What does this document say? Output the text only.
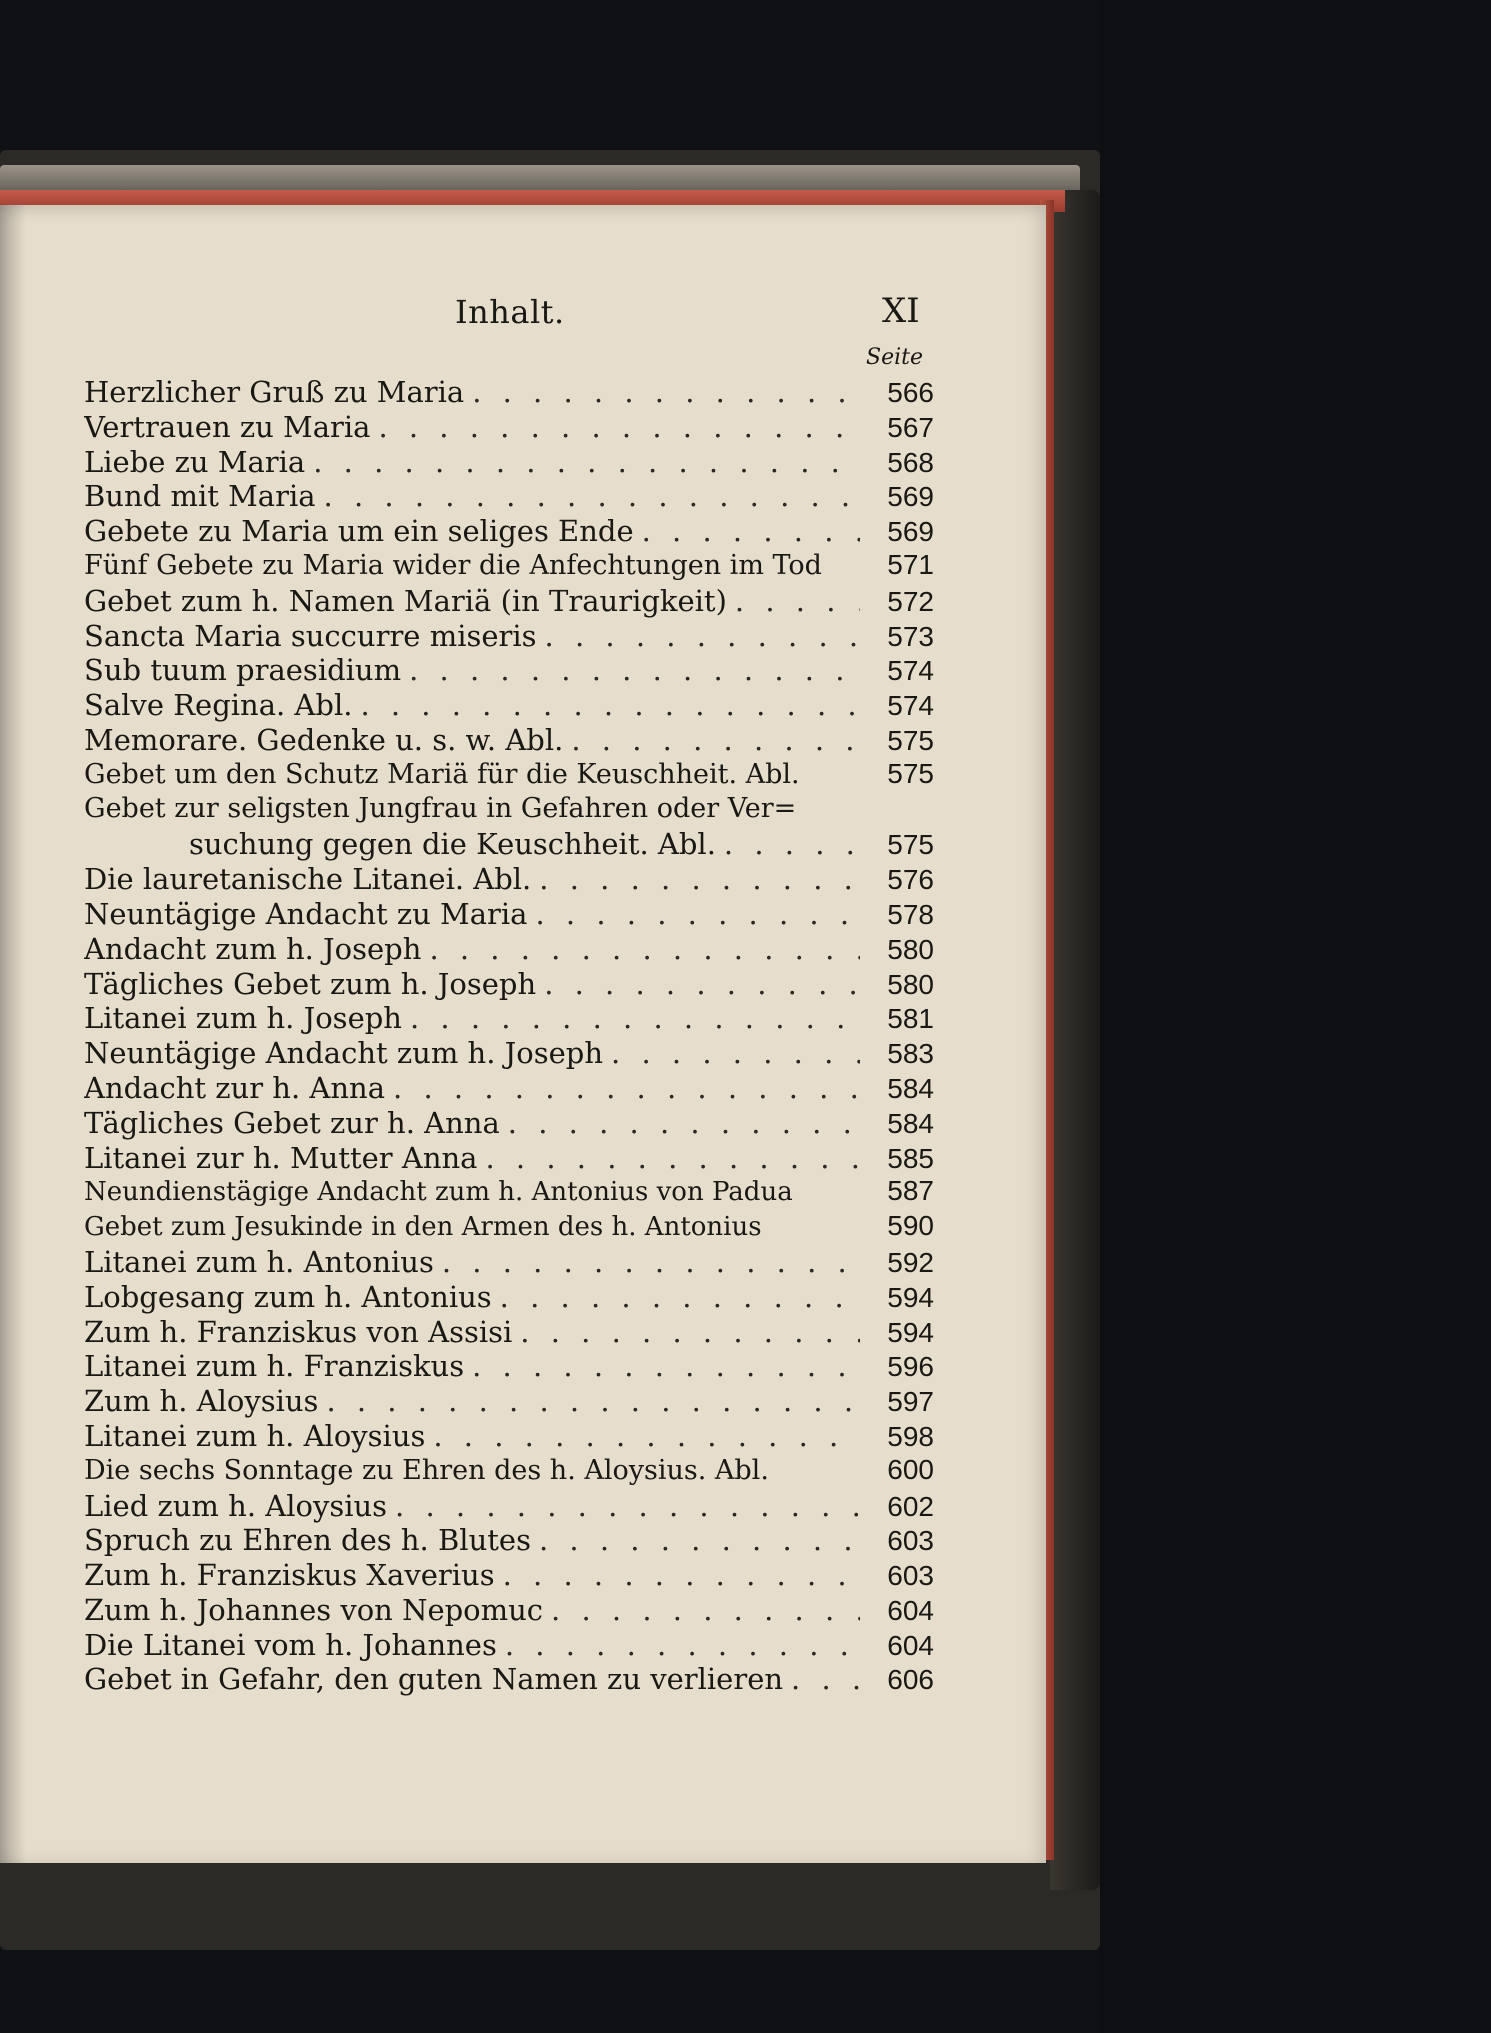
Inhalt.	XI
Seite
Herzlicher Gruß zu Maria . . .	566
Vertrauen zu Maria . . .	567
Liebe zu Maria . . .	568
Bund mit Maria . . .	569
Gebete zu Maria um ein seliges Ende . . .	569
Fünf Gebete zu Maria wider die Anfechtungen im Tod	571
Gebet zum h. Namen Mariä (in Traurigkeit) . . .	572
Sancta Maria succurre miseris . . .	573
Sub tuum praesidium . . .	574
Salve Regina. Abl. . . .	574
Memorare. Gedenke u. s. w. Abl. . . .	575
Gebet um den Schutz Mariä für die Keuschheit. Abl.	575
Gebet zur seligsten Jungfrau in Gefahren oder Ver=
suchung gegen die Keuschheit. Abl. . . .	575
Die lauretanische Litanei. Abl. . . .	576
Neuntägige Andacht zu Maria . . .	578
Andacht zum h. Joseph . . .	580
Tägliches Gebet zum h. Joseph . . .	580
Litanei zum h. Joseph . . .	581
Neuntägige Andacht zum h. Joseph . . .	583
Andacht zur h. Anna . . .	584
Tägliches Gebet zur h. Anna . . .	584
Litanei zur h. Mutter Anna . . .	585
Neundienstägige Andacht zum h. Antonius von Padua	587
Gebet zum Jesukinde in den Armen des h. Antonius	590
Litanei zum h. Antonius . . .	592
Lobgesang zum h. Antonius . . .	594
Zum h. Franziskus von Assisi . . .	594
Litanei zum h. Franziskus . . .	596
Zum h. Aloysius . . .	597
Litanei zum h. Aloysius . . .	598
Die sechs Sonntage zu Ehren des h. Aloysius. Abl.	600
Lied zum h. Aloysius . . .	602
Spruch zu Ehren des h. Blutes . . .	603
Zum h. Franziskus Xaverius . . .	603
Zum h. Johannes von Nepomuc . . .	604
Die Litanei vom h. Johannes . . .	604
Gebet in Gefahr, den guten Namen zu verlieren . . .	606
